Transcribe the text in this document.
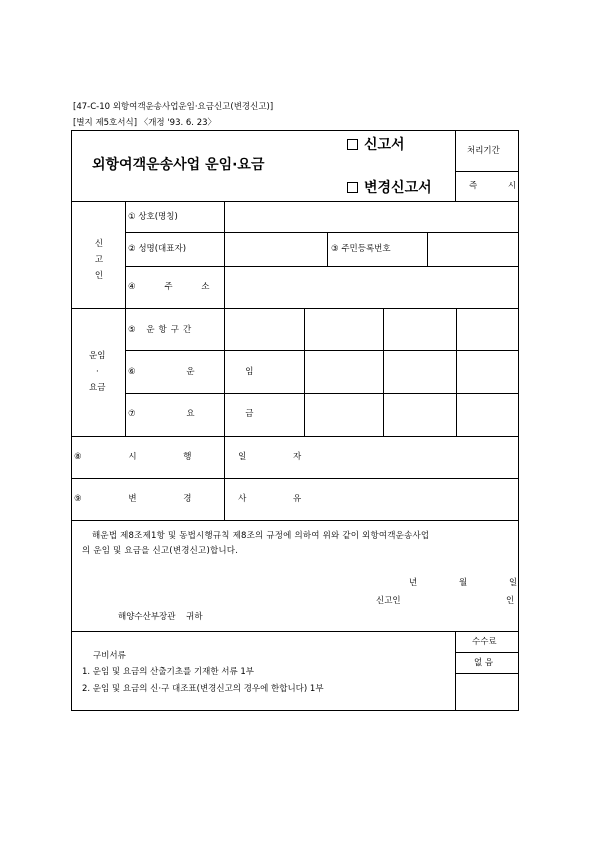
[47-C-10 외항여객운송사업운임·요금신고(변경신고)]
[별지 제5호서식] 〈개정 '93. 6. 23〉
외항여객운송사업 운임·요금
신고서
변경신고서
처리기간
즉 시
신고인
① 상호(명칭)
② 성명(대표자)	③ 주민등록번호
④ 주 소
운임
·
요금
⑤ 운항구간
⑥ 운 임
⑦ 요 금
⑧ 시 행 일 자
⑨ 변 경 사 유
해운법 제8조제1항 및 동법시행규칙 제8조의 규정에 의하여 위와 같이 외항여객운송사업
의 운임 및 요금을 신고(변경신고)합니다.
년	월	일
신고인	인
해양수산부장관 귀하
구비서류
1. 운임 및 요금의 산출기초를 기재한 서류 1부
2. 운임 및 요금의 신·구 대조표(변경신고의 경우에 한합니다) 1부
수수료
없 음
